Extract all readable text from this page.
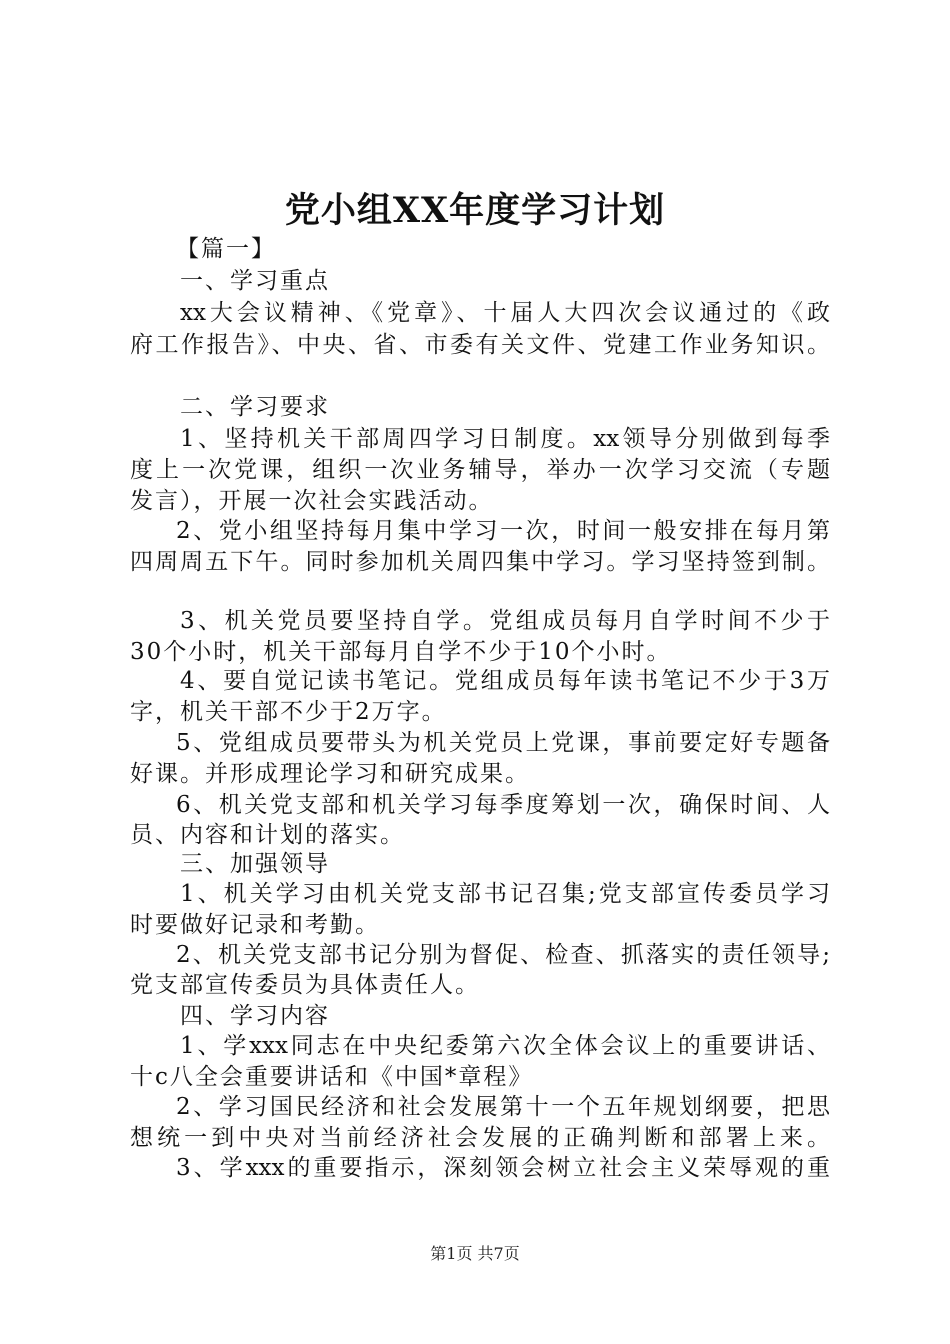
党小组XX年度学习计划
【篇一】
一、学习重点
xx大会议精神、《党章》、十届人大四次会议通过的《政
府工作报告》、中央、省、市委有关文件、党建工作业务知识。
二、学习要求
1、坚持机关干部周四学习日制度。xx领导分别做到每季
度上一次党课，组织一次业务辅导，举办一次学习交流（专题
发言），开展一次社会实践活动。
2、党小组坚持每月集中学习一次，时间一般安排在每月第
四周周五下午。同时参加机关周四集中学习。学习坚持签到制。
3、机关党员要坚持自学。党组成员每月自学时间不少于
30个小时，机关干部每月自学不少于10个小时。
4、要自觉记读书笔记。党组成员每年读书笔记不少于3万
字，机关干部不少于2万字。
5、党组成员要带头为机关党员上党课，事前要定好专题备
好课。并形成理论学习和研究成果。
6、机关党支部和机关学习每季度筹划一次，确保时间、人
员、内容和计划的落实。
三、加强领导
1、机关学习由机关党支部书记召集;党支部宣传委员学习
时要做好记录和考勤。
2、机关党支部书记分别为督促、检查、抓落实的责任领导;
党支部宣传委员为具体责任人。
四、学习内容
1、学xxx同志在中央纪委第六次全体会议上的重要讲话、
十c八全会重要讲话和《中国*章程》
2、学习国民经济和社会发展第十一个五年规划纲要，把思
想统一到中央对当前经济社会发展的正确判断和部署上来。
3、学xxx的重要指示，深刻领会树立社会主义荣辱观的重
第1页 共7页
